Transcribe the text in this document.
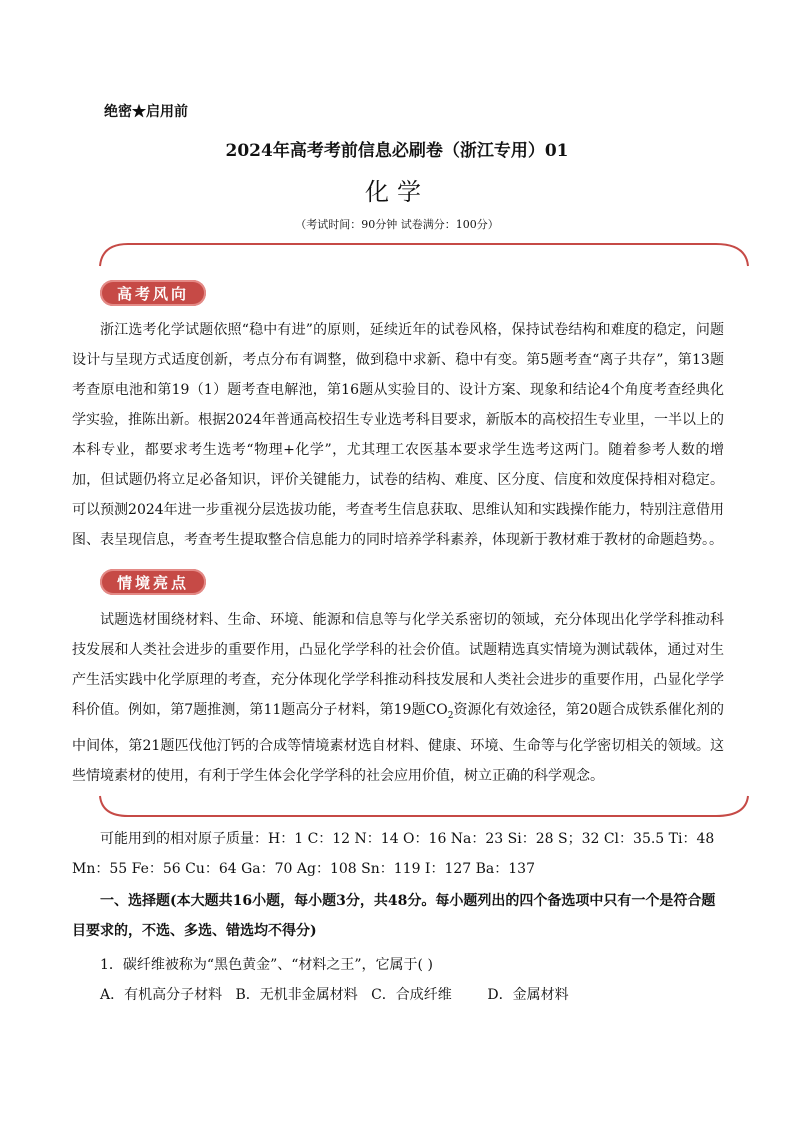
绝密★启用前
2024年高考考前信息必刷卷（浙江专用）01
化学
（考试时间：90分钟 试卷满分：100分）
高考风向

浙江选考化学试题依照“稳中有进”的原则，延续近年的试卷风格，保持试卷结构和难度的稳定，问题设计与呈现方式适度创新，考点分布有调整，做到稳中求新、稳中有变。第5题考查“离子共存”，第13题考查原电池和第19（1）题考查电解池，第16题从实验目的、设计方案、现象和结论4个角度考查经典化学实验，推陈出新。根据2024年普通高校招生专业选考科目要求，新版本的高校招生专业里，一半以上的本科专业，都要求考生选考“物理+化学”，尤其理工农医基本要求学生选考这两门。随着参考人数的增加，但试题仍将立足必备知识，评价关键能力，试卷的结构、难度、区分度、信度和效度保持相对稳定。可以预测2024年进一步重视分层选拔功能，考查考生信息获取、思维认知和实践操作能力，特别注意借用图、表呈现信息，考查考生提取整合信息能力的同时培养学科素养，体现新于教材难于教材的命题趋势。。

情境亮点

试题选材围绕材料、生命、环境、能源和信息等与化学关系密切的领域，充分体现出化学学科推动科技发展和人类社会进步的重要作用，凸显化学学科的社会价值。试题精选真实情境为测试载体，通过对生产生活实践中化学原理的考查，充分体现化学学科推动科技发展和人类社会进步的重要作用，凸显化学学科价值。例如，第7题推测，第11题高分子材料，第19题$CO_2$资源化有效途径，第20题合成铁系催化剂的中间体，第21题匹伐他汀钙的合成等情境素材选自材料、健康、环境、生命等与化学密切相关的领域。这些情境素材的使用，有利于学生体会化学学科的社会应用价值，树立正确的科学观念。

可能用到的相对原子质量：H：1 C：12 N：14 O：16 Na：23 Si：28 S；32 Cl：35.5 Ti：48 Mn：55 Fe：56 Cu：64 Ga：70 Ag：108 Sn：119 I：127 Ba：137

一、选择题(本大题共16小题，每小题3分，共48分。每小题列出的四个备选项中只有一个是符合题目要求的，不选、多选、错选均不得分)

1．碳纤维被称为“黑色黄金”、“材料之王”，它属于( )

A．有机高分子材料   B．无机非金属材料   C．合成纤维        D．金属材料
